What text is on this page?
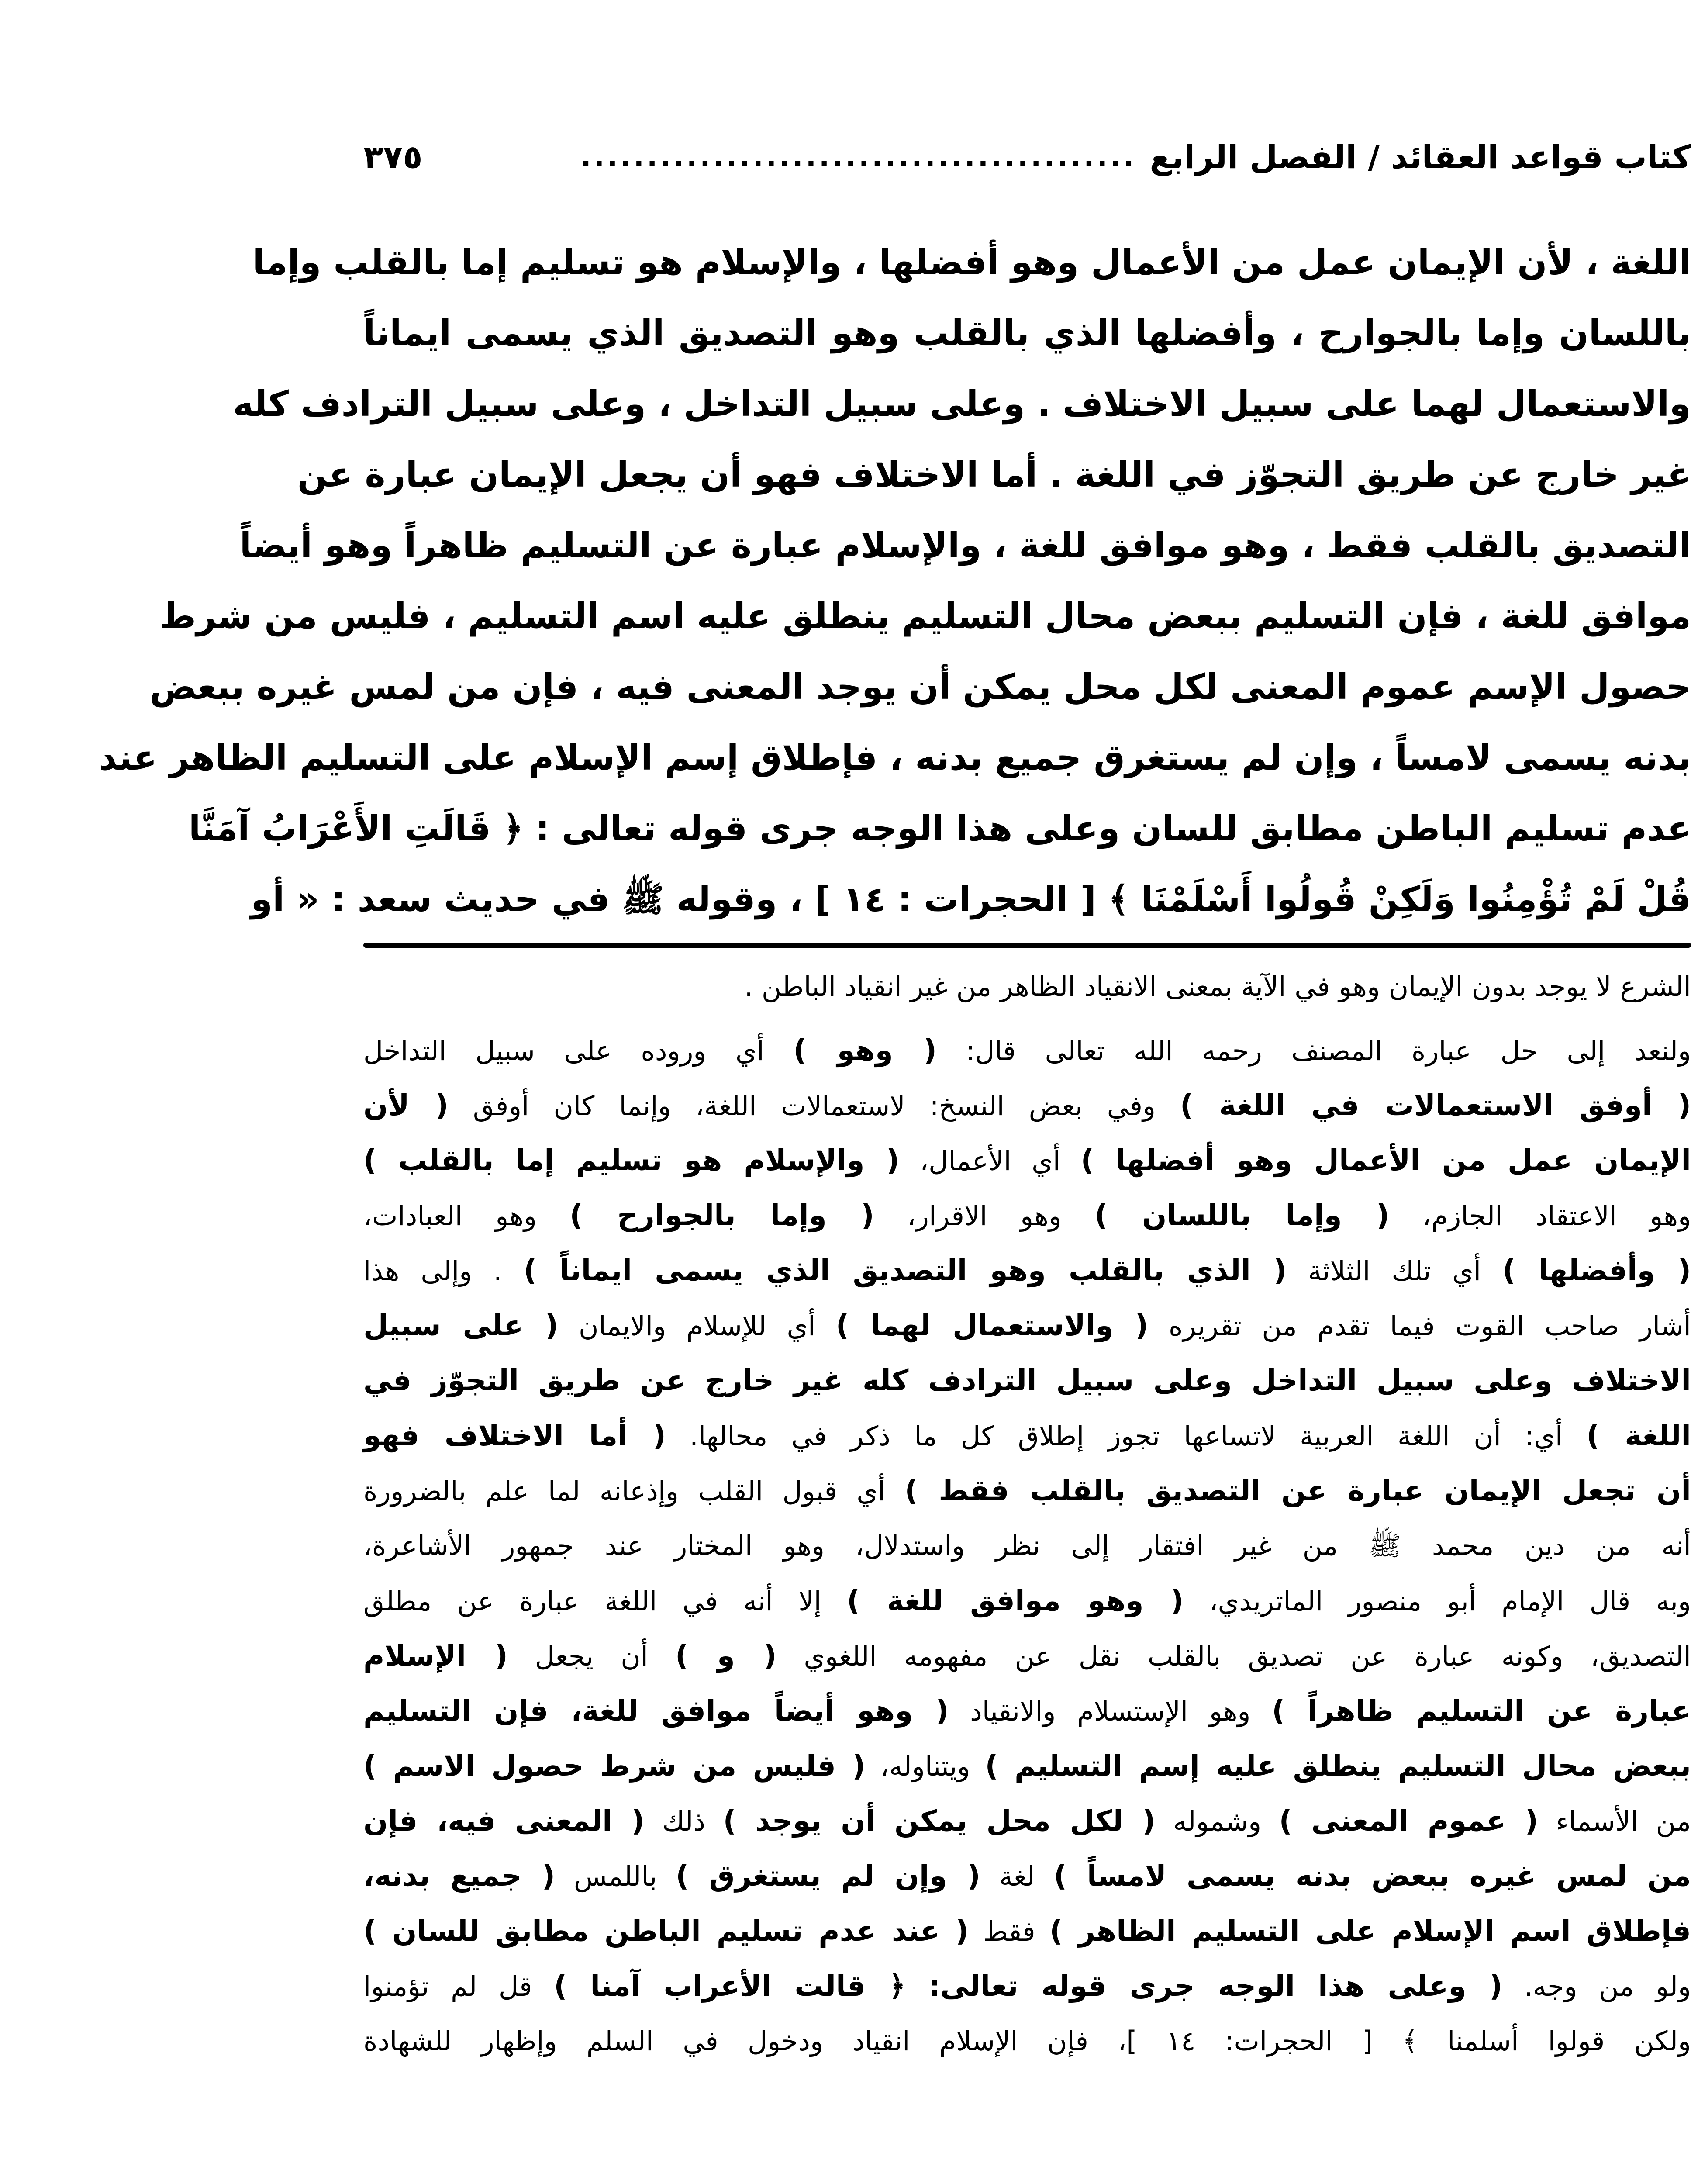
كتاب قواعد العقائد / الفصل الرابع
..........................................
٣٧٥
اللغة ، لأن الإيمان عمل من الأعمال وهو أفضلها ، والإسلام هو تسليم إما بالقلب وإما
باللسان وإما بالجوارح ، وأفضلها الذي بالقلب وهو التصديق الذي يسمى ايماناً
والاستعمال لهما على سبيل الاختلاف . وعلى سبيل التداخل ، وعلى سبيل الترادف كله
غير خارج عن طريق التجوّز في اللغة . أما الاختلاف فهو أن يجعل الإيمان عبارة عن
التصديق بالقلب فقط ، وهو موافق للغة ، والإسلام عبارة عن التسليم ظاهراً وهو أيضاً
موافق للغة ، فإن التسليم ببعض محال التسليم ينطلق عليه اسم التسليم ، فليس من شرط
حصول الإسم عموم المعنى لكل محل يمكن أن يوجد المعنى فيه ، فإن من لمس غيره ببعض
بدنه يسمى لامساً ، وإن لم يستغرق جميع بدنه ، فإطلاق إسم الإسلام على التسليم الظاهر عند
عدم تسليم الباطن مطابق للسان وعلى هذا الوجه جرى قوله تعالى : ﴿ قَالَتِ الأَعْرَابُ آمَنَّا
قُلْ لَمْ تُؤْمِنُوا وَلَكِنْ قُولُوا أَسْلَمْنَا ﴾ [ الحجرات : ١٤ ] ، وقوله ﷺ في حديث سعد : « أو
الشرع لا يوجد بدون الإيمان وهو في الآية بمعنى الانقياد الظاهر من غير انقياد الباطن .
ولنعد إلى حل عبارة المصنف رحمه الله تعالى قال: ( وهو ) أي وروده على سبيل التداخل
( أوفق الاستعمالات في اللغة ) وفي بعض النسخ: لاستعمالات اللغة، وإنما كان أوفق ( لأن
الإيمان عمل من الأعمال وهو أفضلها ) أي الأعمال، ( والإسلام هو تسليم إما بالقلب )
وهو الاعتقاد الجازم، ( وإما باللسان ) وهو الاقرار، ( وإما بالجوارح ) وهو العبادات،
( وأفضلها ) أي تلك الثلاثة ( الذي بالقلب وهو التصديق الذي يسمى ايماناً ) . وإلى هذا
أشار صاحب القوت فيما تقدم من تقريره ( والاستعمال لهما ) أي للإسلام والايمان ( على سبيل
الاختلاف وعلى سبيل التداخل وعلى سبيل الترادف كله غير خارج عن طريق التجوّز في
اللغة ) أي: أن اللغة العربية لاتساعها تجوز إطلاق كل ما ذكر في محالها. ( أما الاختلاف فهو
أن تجعل الإيمان عبارة عن التصديق بالقلب فقط ) أي قبول القلب وإذعانه لما علم بالضرورة
أنه من دين محمد ﷺ من غير افتقار إلى نظر واستدلال، وهو المختار عند جمهور الأشاعرة،
وبه قال الإمام أبو منصور الماتريدي، ( وهو موافق للغة ) إلا أنه في اللغة عبارة عن مطلق
التصديق، وكونه عبارة عن تصديق بالقلب نقل عن مفهومه اللغوي ( و ) أن يجعل ( الإسلام
عبارة عن التسليم ظاهراً ) وهو الإستسلام والانقياد ( وهو أيضاً موافق للغة، فإن التسليم
ببعض محال التسليم ينطلق عليه إسم التسليم ) ويتناوله، ( فليس من شرط حصول الاسم )
من الأسماء ( عموم المعنى ) وشموله ( لكل محل يمكن أن يوجد ) ذلك ( المعنى فيه، فإن
من لمس غيره ببعض بدنه يسمى لامساً ) لغة ( وإن لم يستغرق ) باللمس ( جميع بدنه،
فإطلاق اسم الإسلام على التسليم الظاهر ) فقط ( عند عدم تسليم الباطن مطابق للسان )
ولو من وجه. ( وعلى هذا الوجه جرى قوله تعالى: ﴿ قالت الأعراب آمنا ) قل لم تؤمنوا
ولكن قولوا أسلمنا ﴾ [ الحجرات: ١٤ ]، فإن الإسلام انقياد ودخول في السلم وإظهار للشهادة
